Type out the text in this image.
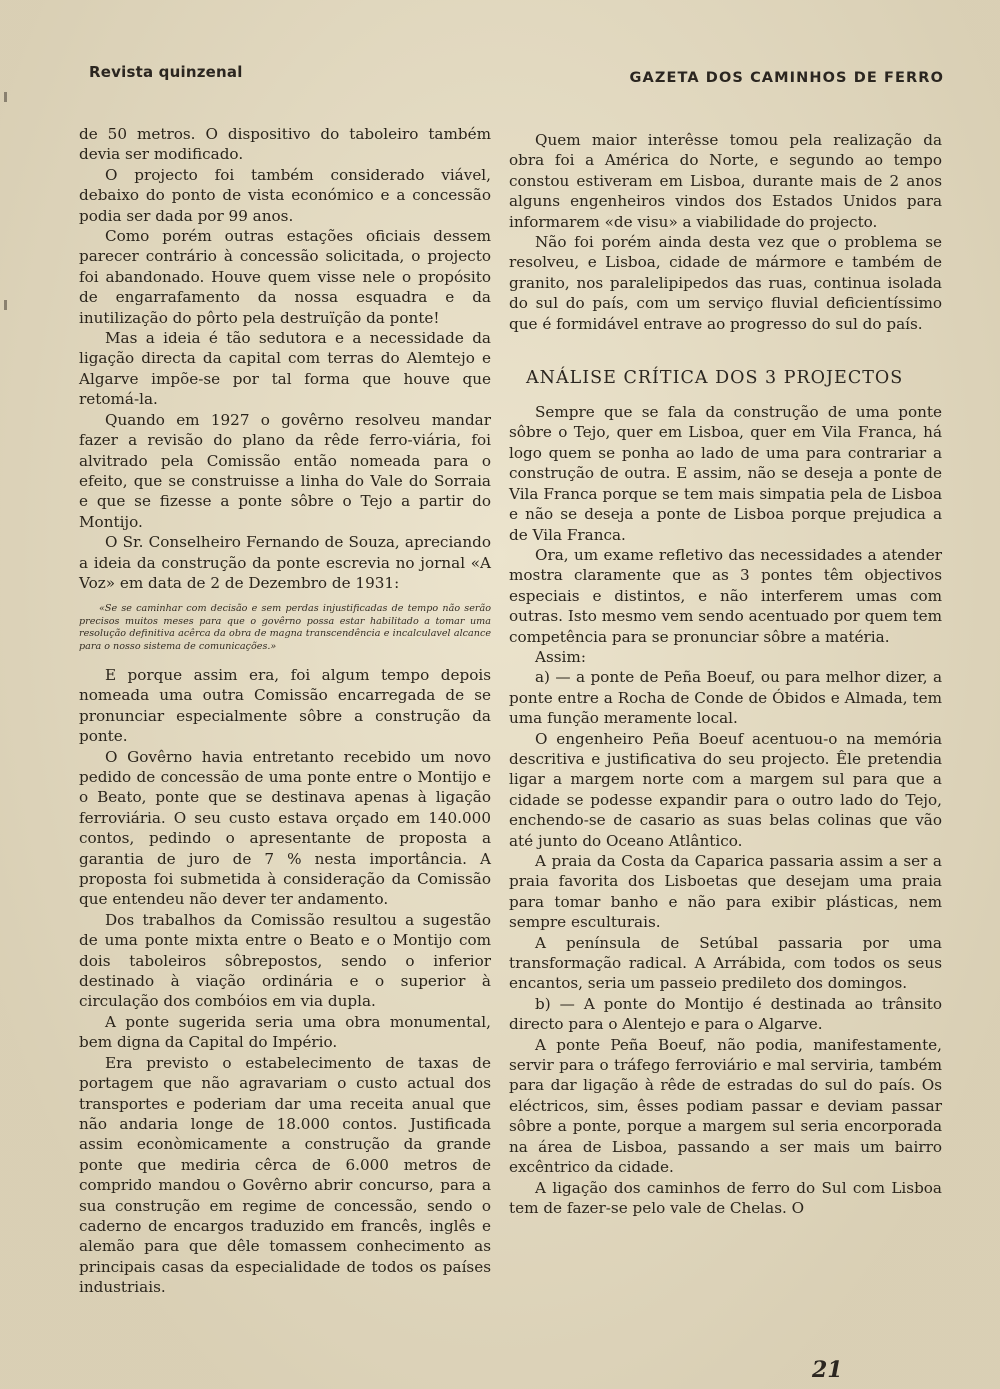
Revista quinzenal	GAZETA DOS CAMINHOS DE FERRO

de 50 metros. O dispositivo do taboleiro também devia ser modificado.

O projecto foi também considerado viável, debaixo do ponto de vista económico e a concessão podia ser dada por 99 anos.

Como porém outras estações oficiais dessem parecer contrário à concessão solicitada, o projecto foi abandonado. Houve quem visse nele o propósito de engarrafamento da nossa esquadra e da inutilização do pôrto pela destruïção da ponte!

Mas a ideia é tão sedutora e a necessidade da ligação directa da capital com terras do Alemtejo e Algarve impõe-se por tal forma que houve que retomá-la.

Quando em 1927 o govêrno resolveu mandar fazer a revisão do plano da rêde ferro-viária, foi alvitrado pela Comissão então nomeada para o efeito, que se construisse a linha do Vale do Sorraia e que se fizesse a ponte sôbre o Tejo a partir do Montijo.

O Sr. Conselheiro Fernando de Souza, apreciando a ideia da construção da ponte escrevia no jornal «A Voz» em data de 2 de Dezembro de 1931:

«Se se caminhar com decisão e sem perdas injustificadas de tempo não serão precisos muitos meses para que o govêrno possa estar habilitado a tomar uma resolução definitiva acêrca da obra de magna transcendência e incalculavel alcance para o nosso sistema de comunicações.»

E porque assim era, foi algum tempo depois nomeada uma outra Comissão encarregada de se pronunciar especialmente sôbre a construção da ponte.

O Govêrno havia entretanto recebido um novo pedido de concessão de uma ponte entre o Montijo e o Beato, ponte que se destinava apenas à ligação ferroviária. O seu custo estava orçado em 140.000 contos, pedindo o apresentante de proposta a garantia de juro de 7 % nesta importância. A proposta foi submetida à consideração da Comissão que entendeu não dever ter andamento.

Dos trabalhos da Comissão resultou a sugestão de uma ponte mixta entre o Beato e o Montijo com dois taboleiros sôbrepostos, sendo o inferior destinado à viação ordinária e o superior à circulação dos combóios em via dupla.

A ponte sugerida seria uma obra monumental, bem digna da Capital do Império.

Era previsto o estabelecimento de taxas de portagem que não agravariam o custo actual dos transportes e poderiam dar uma receita anual que não andaria longe de 18.000 contos. Justificada assim econòmicamente a construção da grande ponte que mediria cêrca de 6.000 metros de comprido mandou o Govêrno abrir concurso, para a sua construção em regime de concessão, sendo o caderno de encargos traduzido em francês, inglês e alemão para que dêle tomassem conhecimento as principais casas da especialidade de todos os países industriais.

Quem maior interêsse tomou pela realização da obra foi a América do Norte, e segundo ao tempo constou estiveram em Lisboa, durante mais de 2 anos alguns engenheiros vindos dos Estados Unidos para informarem «de visu» a viabilidade do projecto.

Não foi porém ainda desta vez que o problema se resolveu, e Lisboa, cidade de mármore e também de granito, nos paralelipipedos das ruas, continua isolada do sul do país, com um serviço fluvial deficientíssimo que é formidável entrave ao progresso do sul do país.

ANÁLISE CRÍTICA DOS 3 PROJECTOS

Sempre que se fala da construção de uma ponte sôbre o Tejo, quer em Lisboa, quer em Vila Franca, há logo quem se ponha ao lado de uma para contrariar a construção de outra. E assim, não se deseja a ponte de Vila Franca porque se tem mais simpatia pela de Lisboa e não se deseja a ponte de Lisboa porque prejudica a de Vila Franca.

Ora, um exame refletivo das necessidades a atender mostra claramente que as 3 pontes têm objectivos especiais e distintos, e não interferem umas com outras. Isto mesmo vem sendo acentuado por quem tem competência para se pronunciar sôbre a matéria.

Assim:

a) — a ponte de Peña Boeuf, ou para melhor dizer, a ponte entre a Rocha de Conde de Óbidos e Almada, tem uma função meramente local.

O engenheiro Peña Boeuf acentuou-o na memória descritiva e justificativa do seu projecto. Êle pretendia ligar a margem norte com a margem sul para que a cidade se podesse expandir para o outro lado do Tejo, enchendo-se de casario as suas belas colinas que vão até junto do Oceano Atlântico.

A praia da Costa da Caparica passaria assim a ser a praia favorita dos Lisboetas que desejam uma praia para tomar banho e não para exibir plásticas, nem sempre esculturais.

A península de Setúbal passaria por uma transformação radical. A Arrábida, com todos os seus encantos, seria um passeio predileto dos domingos.

b) — A ponte do Montijo é destinada ao trânsito directo para o Alentejo e para o Algarve.

A ponte Peña Boeuf, não podia, manifestamente, servir para o tráfego ferroviário e mal serviria, também para dar ligação à rêde de estradas do sul do país. Os eléctricos, sim, êsses podiam passar e deviam passar sôbre a ponte, porque a margem sul seria encorporada na área de Lisboa, passando a ser mais um bairro excêntrico da cidade.

A ligação dos caminhos de ferro do Sul com Lisboa tem de fazer-se pelo vale de Chelas. O

21
